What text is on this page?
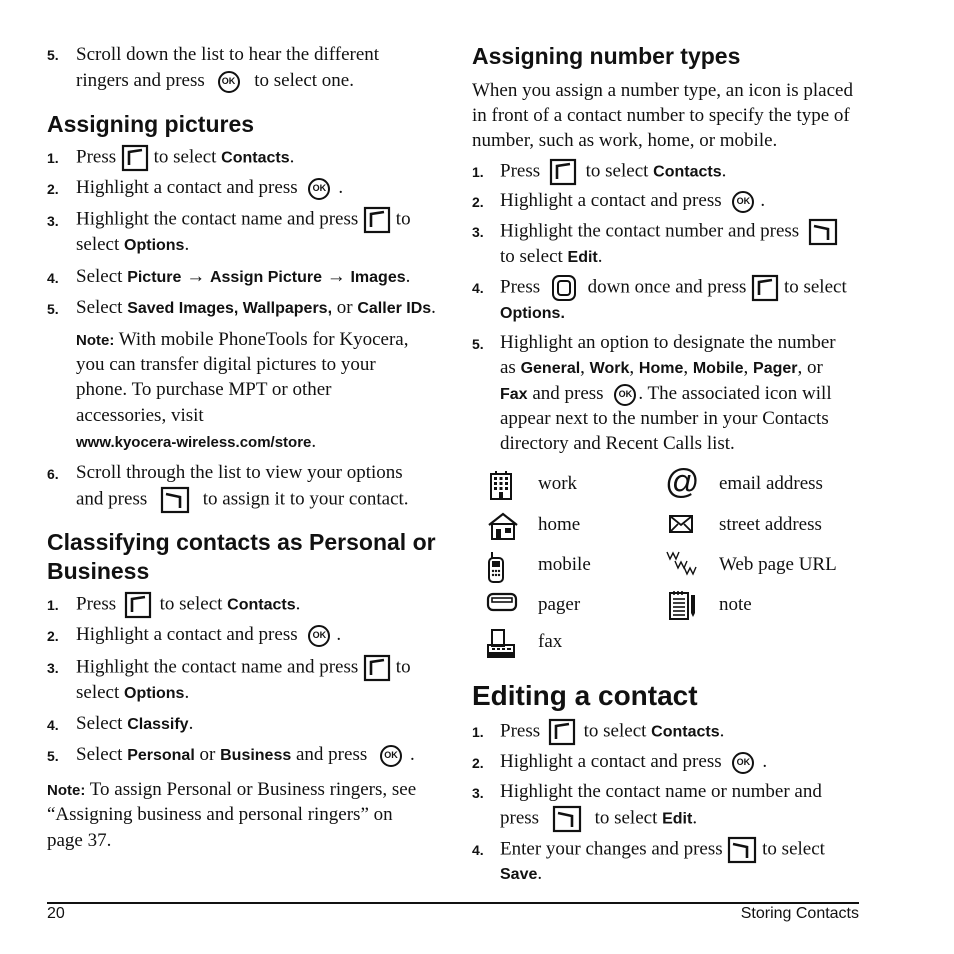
5. Scroll down the list to hear the different
ringers and press OK to select one.
Assigning pictures
1. Press to select Contacts.
2. Highlight a contact and press OK .
3. Highlight the contact name and press to
select Options.
4. Select Picture → Assign Picture → Images.
5. Select Saved Images, Wallpapers, or Caller IDs.
Note: With mobile PhoneTools for Kyocera,
you can transfer digital pictures to your
phone. To purchase MPT or other
accessories, visit
www.kyocera-wireless.com/store.
6. Scroll through the list to view your options
and press	to assign it to your contact.
Classifying contacts as Personal or
Business
1. Press to select Contacts.
2. Highlight a contact and press OK .
3. Highlight the contact name and press to
select Options.
4. Select Classify.
5. Select Personal or Business and press OK .
Note: To assign Personal or Business ringers, see
“Assigning business and personal ringers” on
page 37.
Assigning number types
When you assign a number type, an icon is placed
in front of a contact number to specify the type of
number, such as work, home, or mobile.
1. Press to select Contacts.
2. Highlight a contact and press OK .
3. Highlight the contact number and press
to select Edit.
4. Press	down once and press to select
Options.
5. Highlight an option to designate the number
as General, Work, Home, Mobile, Pager, or
Fax and press OK . The associated icon will
appear next to the number in your Contacts
directory and Recent Calls list.
work	@ email address
home	street address
mobile	Web page URL
pager	note
fax
Editing a contact
1. Press to select Contacts.
2. Highlight a contact and press OK .
3. Highlight the contact name or number and
press	to select Edit.
4. Enter your changes and press to select
Save.
20	Storing Contacts
